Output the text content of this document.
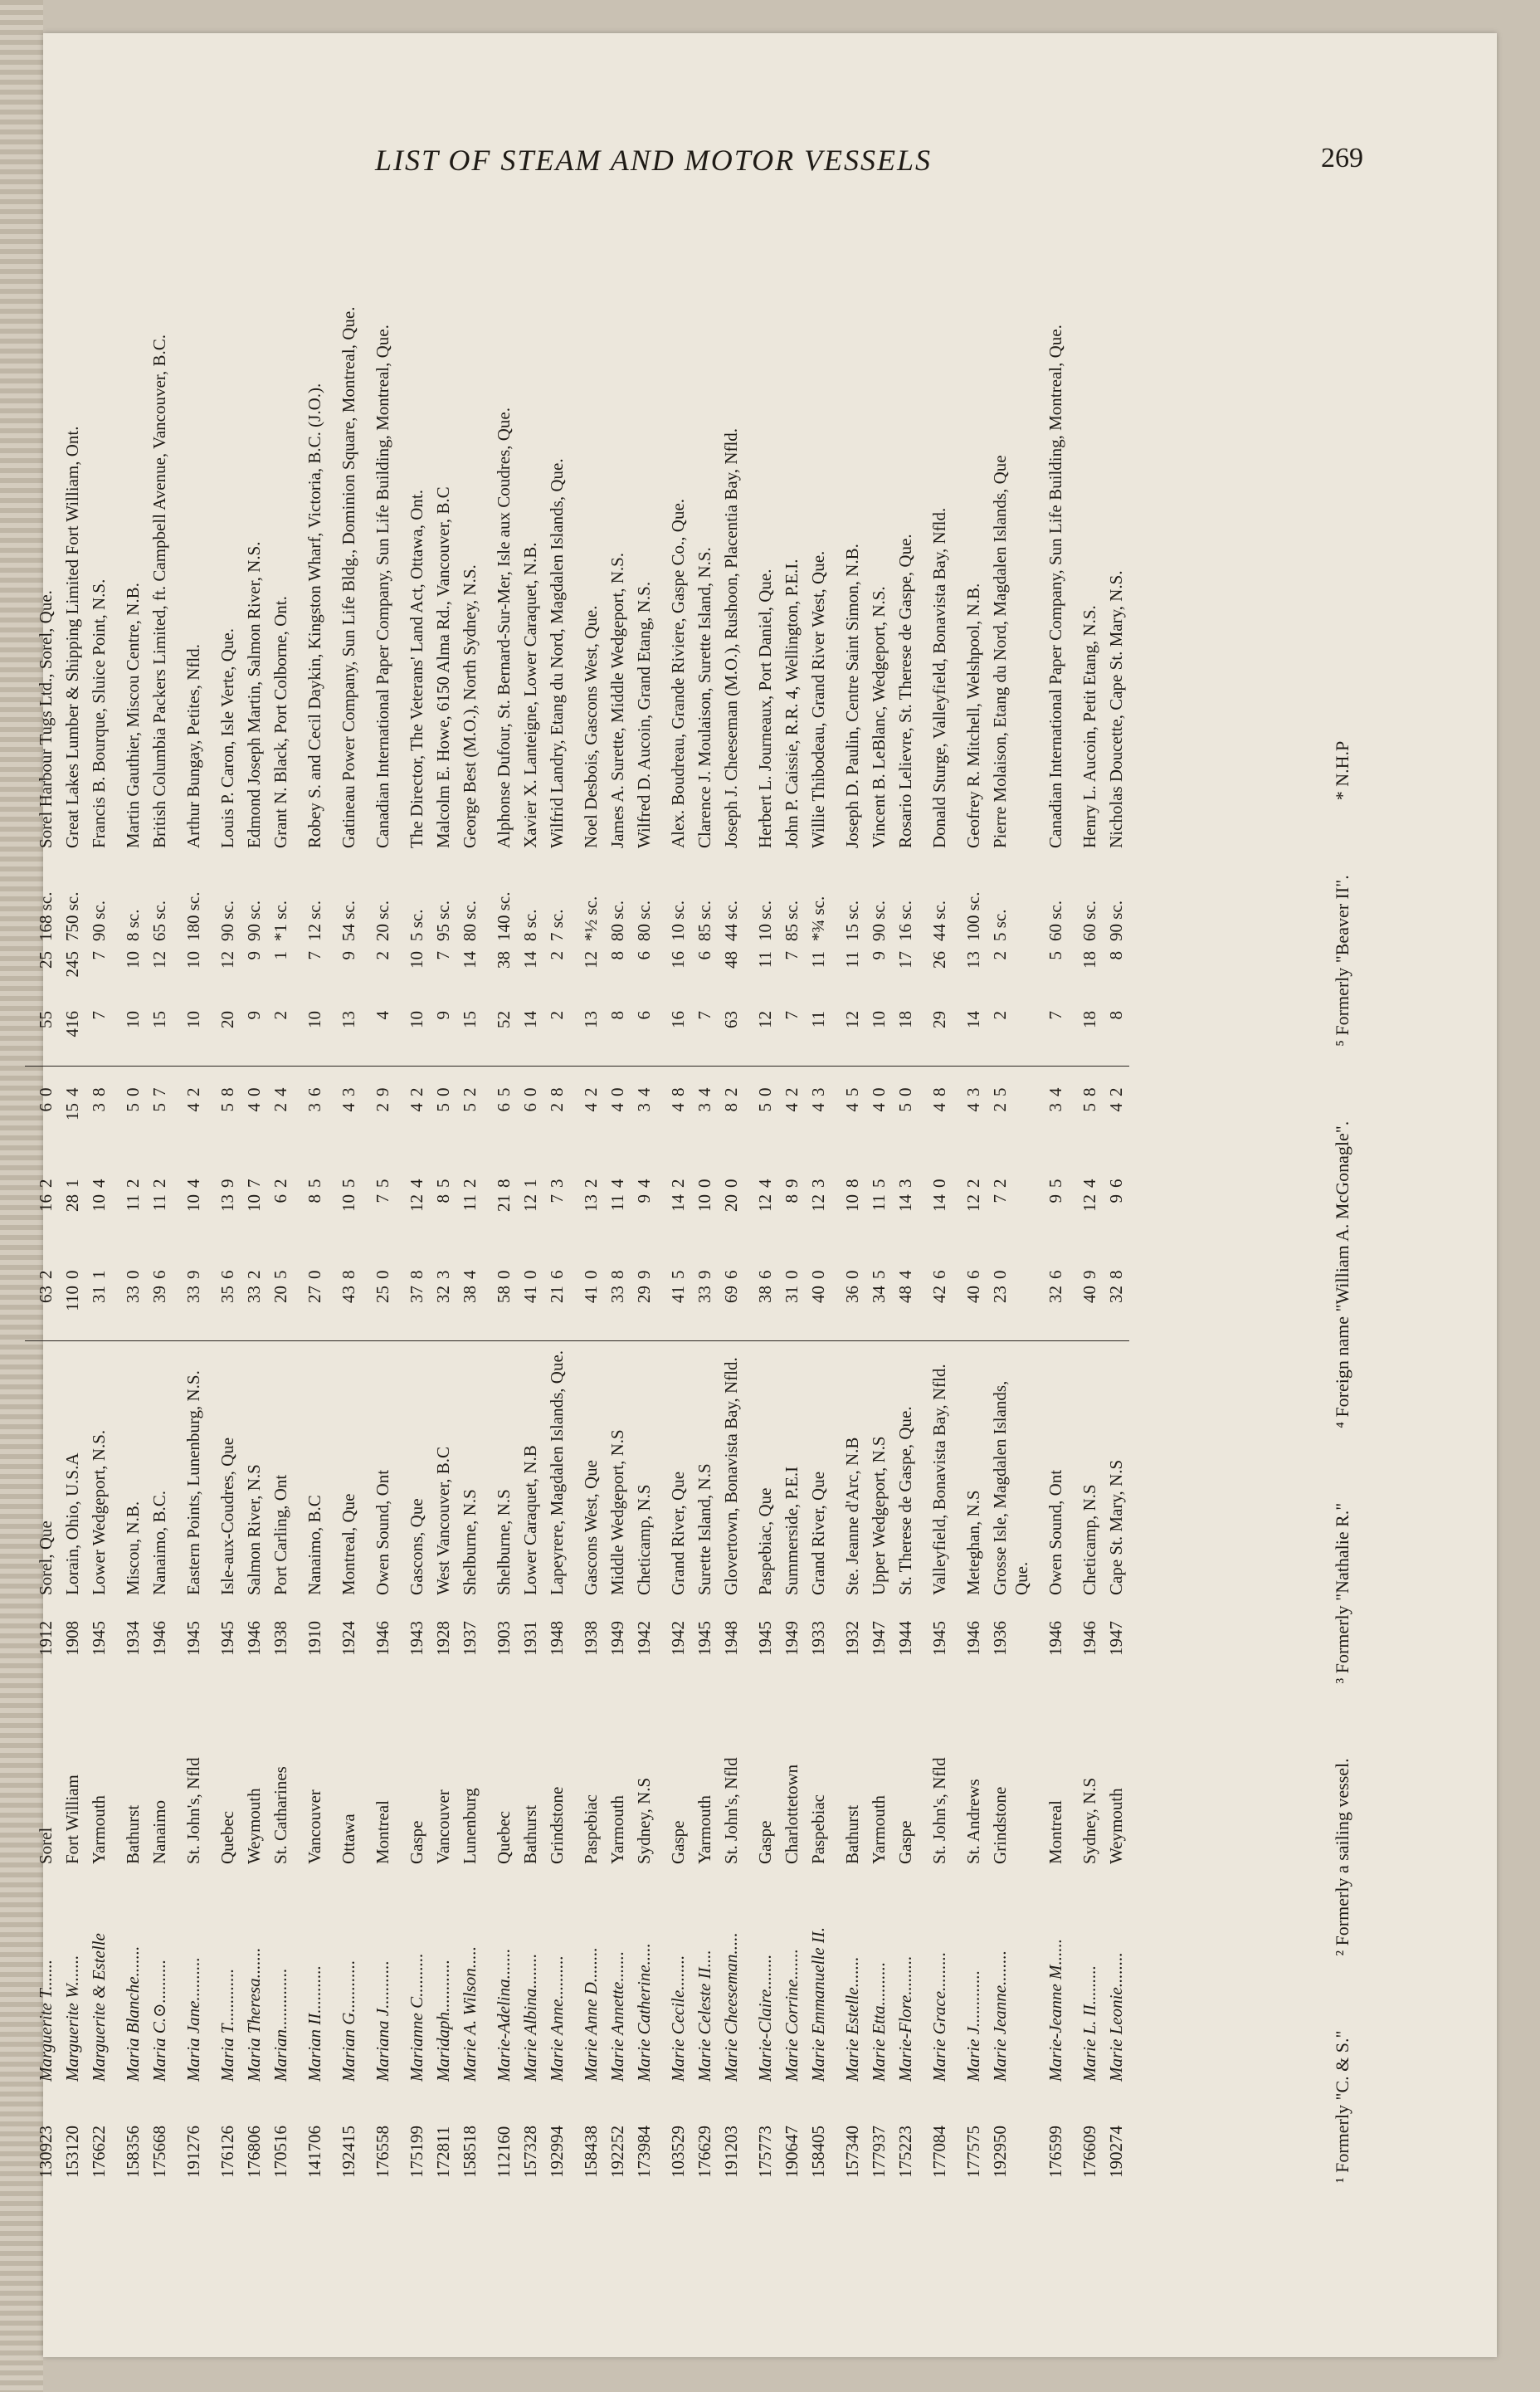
LIST OF STEAM AND MOTOR VESSELS	269
130923	Marguerite T.......	Sorel	1912	Sorel, Que	63	2	16	2	6	0	55	25	168 sc.	Sorel Harbour Tugs Ltd., Sorel, Que.
153120	Marguerite W.......	Fort William	1908	Lorain, Ohio, U.S.A	110	0	28	1	15	4	416	245	750 sc.	Great Lakes Lumber & Shipping Limited Fort William, Ont.
176622	Marguerite & Estelle	Yarmouth	1945	Lower Wedgeport, N.S.	31	1	10	4	3	8	7	7	90 sc.	Francis B. Bourque, Sluice Point, N.S.
158356	Maria Blanche.......	Bathurst	1934	Miscou, N.B.	33	0	11	2	5	0	10	10	8 sc.	Martin Gauthier, Miscou Centre, N.B.
175668	Maria C.⊙..........	Nanaimo	1946	Nanaimo, B.C.	39	6	11	2	5	7	15	12	65 sc.	British Columbia Packers Limited, ft. Campbell Avenue, Vancouver, B.C.
191276	Maria Jane..........	St. John's, Nfld	1945	Eastern Points, Lunenburg, N.S.	33	9	10	4	4	2	10	10	180 sc.	Arthur Bungay, Petites, Nfld.
176126	Maria T.............	Quebec	1945	Isle-aux-Coudres, Que	35	6	13	9	5	8	20	12	90 sc.	Louis P. Caron, Isle Verte, Que.
176806	Maria Theresa.......	Weymouth	1946	Salmon River, N.S	33	2	10	7	4	0	9	9	90 sc.	Edmond Joseph Martin, Salmon River, N.S.
170516	Marian..............	St. Catharines	1938	Port Carling, Ont	20	5	6	2	2	4	2	1	*1 sc.	Grant N. Black, Port Colborne, Ont.
141706	Marian II...........	Vancouver	1910	Nanaimo, B.C	27	0	8	5	3	6	10	7	12 sc.	Robey S. and Cecil Daykin, Kingston Wharf, Victoria, B.C. (J.O.).
192415	Marian G............	Ottawa	1924	Montreal, Que	43	8	10	5	4	3	13	9	54 sc.	Gatineau Power Company, Sun Life Bldg., Dominion Square, Montreal, Que.
176558	Mariana J...........	Montreal	1946	Owen Sound, Ont	25	0	7	5	2	9	4	2	20 sc.	Canadian International Paper Company, Sun Life Building, Montreal, Que.
175199	Marianne C..........	Gaspe	1943	Gascons, Que	37	8	12	4	4	2	10	10	5 sc.	The Director, The Veterans' Land Act, Ottawa, Ont.
172811	Maridaph............	Vancouver	1928	West Vancouver, B.C	32	3	8	5	5	0	9	7	95 sc.	Malcolm E. Howe, 6150 Alma Rd., Vancouver, B.C
158518	Marie A. Wilson.....	Lunenburg	1937	Shelburne, N.S	38	4	11	2	5	2	15	14	80 sc.	George Best (M.O.), North Sydney, N.S.
112160	Marie-Adelina.......	Quebec	1903	Shelburne, N.S	58	0	21	8	6	5	52	38	140 sc.	Alphonse Dufour, St. Bernard-Sur-Mer, Isle aux Coudres, Que.
157328	Marie Albina........	Bathurst	1931	Lower Caraquet, N.B	41	0	12	1	6	0	14	14	8 sc.	Xavier X. Lanteigne, Lower Caraquet, N.B.
192994	Marie Anne..........	Grindstone	1948	Lapeyrere, Magdalen Islands, Que.	21	6	7	3	2	8	2	2	7 sc.	Wilfrid Landry, Etang du Nord, Magdalen Islands, Que.
158438	Marie Anne D........	Paspebiac	1938	Gascons West, Que	41	0	13	2	4	2	13	12	*½ sc.	Noel Desbois, Gascons West, Que.
192252	Marie Annette.......	Yarmouth	1949	Middle Wedgeport, N.S	33	8	11	4	4	0	8	8	80 sc.	James A. Surette, Middle Wedgeport, N.S.
173984	Marie Catherine.....	Sydney, N.S	1942	Cheticamp, N.S	29	9	9	4	3	4	6	6	80 sc.	Wilfred D. Aucoin, Grand Etang, N.S.
103529	Marie Cecile........	Gaspe	1942	Grand River, Que	41	5	14	2	4	8	16	16	10 sc.	Alex. Boudreau, Grande Riviere, Gaspe Co., Que.
176629	Marie Celeste II....	Yarmouth	1945	Surette Island, N.S	33	9	10	0	3	4	7	6	85 sc.	Clarence J. Moulaison, Surette Island, N.S.
191203	Marie Cheeseman.....	St. John's, Nfld	1948	Glovertown, Bonavista Bay, Nfld.	69	6	20	0	8	2	63	48	44 sc.	Joseph J. Cheeseman (M.O.), Rushoon, Placentia Bay, Nfld.
175773	Marie-Claire........	Gaspe	1945	Paspebiac, Que	38	6	12	4	5	0	12	11	10 sc.	Herbert L. Journeaux, Port Daniel, Que.
190647	Marie Corrine.......	Charlottetown	1949	Summerside, P.E.I	31	0	8	9	4	2	7	7	85 sc.	John P. Caissie, R.R. 4, Wellington, P.E.I.
158405	Marie Emmanuelle II.	Paspebiac	1933	Grand River, Que	40	0	12	3	4	3	11	11	*¾ sc.	Willie Thibodeau, Grand River West, Que.
157340	Marie Estelle.......	Bathurst	1932	Ste. Jeanne d'Arc, N.B	36	0	10	8	4	5	12	11	15 sc.	Joseph D. Paulin, Centre Saint Simon, N.B.
177937	Marie Etta..........	Yarmouth	1947	Upper Wedgeport, N.S	34	5	11	5	4	0	10	9	90 sc.	Vincent B. LeBlanc, Wedgeport, N.S.
175223	Marie-Flore.........	Gaspe	1944	St. Therese de Gaspe, Que.	48	4	14	3	5	0	18	17	16 sc.	Rosario Lelievre, St. Therese de Gaspe, Que.
177084	Marie Grace.........	St. John's, Nfld	1945	Valleyfield, Bonavista Bay, Nfld.	42	6	14	0	4	8	29	26	44 sc.	Donald Sturge, Valleyfield, Bonavista Bay, Nfld.
177575	Marie J.............	St. Andrews	1946	Meteghan, N.S	40	6	12	2	4	3	14	13	100 sc.	Geofrey R. Mitchell, Welshpool, N.B.
192950	Marie Jeanne........	Grindstone	1936	Grosse Isle, Magdalen Islands, Que.	23	0	7	2	2	5	2	2	5 sc.	Pierre Molaison, Etang du Nord, Magdalen Islands, Que
176599	Marie-Jeanne M......	Montreal	1946	Owen Sound, Ont	32	6	9	5	3	4	7	5	60 sc.	Canadian International Paper Company, Sun Life Building, Montreal, Que.
176609	Marie L. II.........	Sydney, N.S	1946	Cheticamp, N.S	40	9	12	4	5	8	18	18	60 sc.	Henry L. Aucoin, Petit Etang, N.S.
190274	Marie Leonie........	Weymouth	1947	Cape St. Mary, N.S	32	8	9	6	4	2	8	8	90 sc.	Nicholas Doucette, Cape St. Mary, N.S.
¹ Formerly "C. & S."
² Formerly a sailing vessel.
³ Formerly "Nathalie R."
⁴ Foreign name "William A. McGonagle".
⁵ Formerly "Beaver II".
* N.H.P
